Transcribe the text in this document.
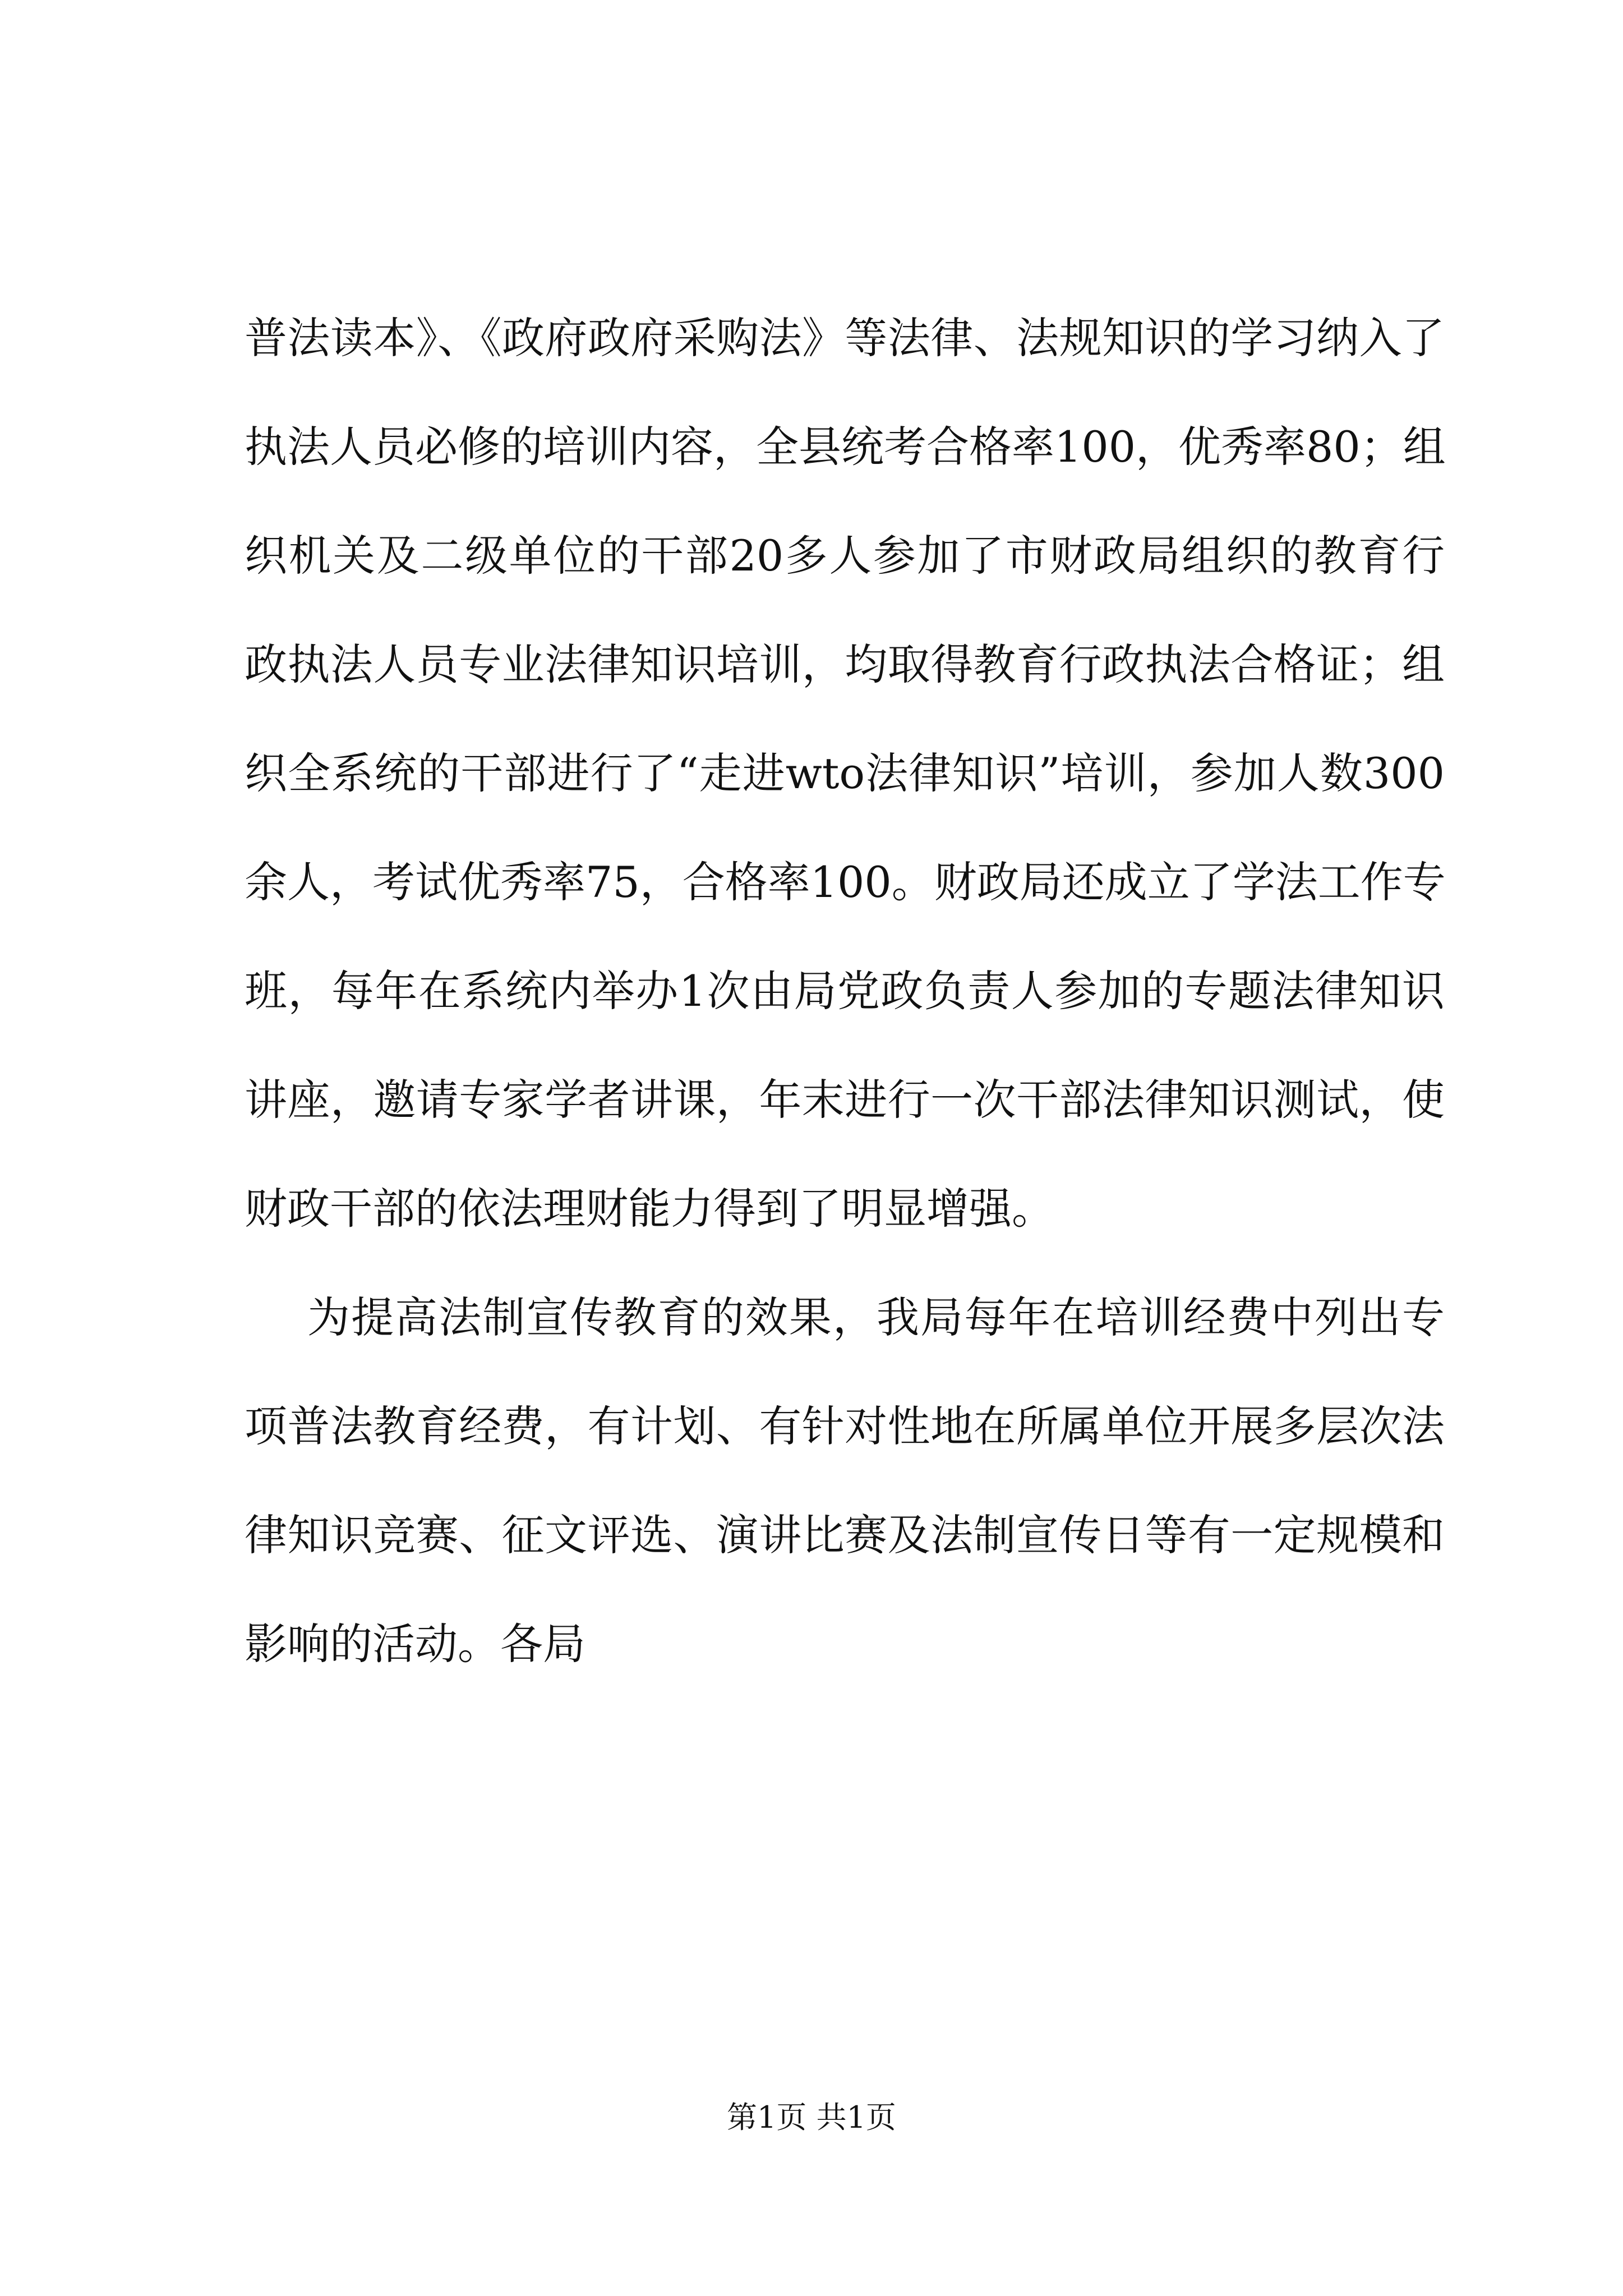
普法读本》、《政府政府采购法》等法律、法规知识的学习纳入了
执法人员必修的培训内容，全县统考合格率100，优秀率80；组
织机关及二级单位的干部20多人参加了市财政局组织的教育行
政执法人员专业法律知识培训，均取得教育行政执法合格证；组
织全系统的干部进行了“走进wto法律知识”培训，参加人数300
余人，考试优秀率75，合格率100。财政局还成立了学法工作专
班，每年在系统内举办1次由局党政负责人参加的专题法律知识
讲座，邀请专家学者讲课，年末进行一次干部法律知识测试，使
财政干部的依法理财能力得到了明显增强。
为提高法制宣传教育的效果，我局每年在培训经费中列出专
项普法教育经费，有计划、有针对性地在所属单位开展多层次法
律知识竞赛、征文评选、演讲比赛及法制宣传日等有一定规模和
影响的活动。各局
第1页 共1页
